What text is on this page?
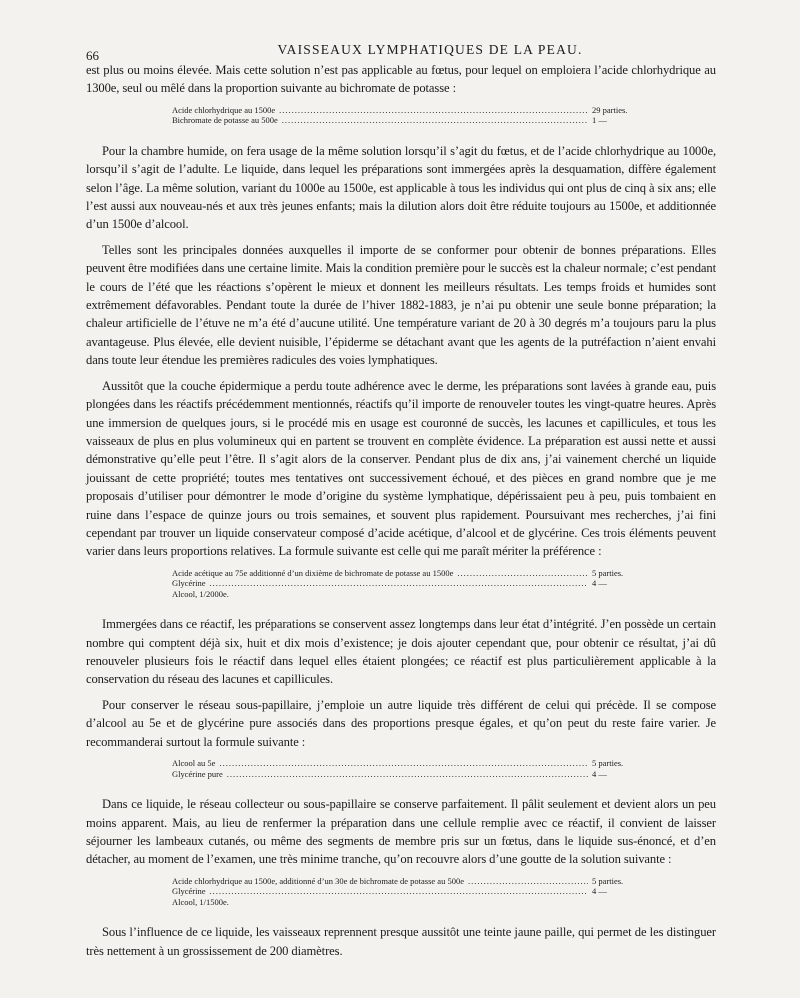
66	VAISSEAUX LYMPHATIQUES DE LA PEAU.

est plus ou moins élevée. Mais cette solution n’est pas applicable au fœtus, pour lequel on emploiera l’acide chlorhydrique au 1300e, seul ou mêlé dans la proportion suivante au bichromate de potasse :

Acide chlorhydrique au 1500e .....	29 parties.
Bichromate de potasse au 500e .....	1 —

Pour la chambre humide, on fera usage de la même solution lorsqu’il s’agit du fœtus, et de l’acide chlorhydrique au 1000e, lorsqu’il s’agit de l’adulte. Le liquide, dans lequel les préparations sont immergées après la desquamation, diffère également selon l’âge. La même solution, variant du 1000e au 1500e, est applicable à tous les individus qui ont plus de cinq à six ans; elle l’est aussi aux nouveau-nés et aux très jeunes enfants; mais la dilution alors doit être réduite toujours au 1500e, et additionnée d’un 1500e d’alcool.

Telles sont les principales données auxquelles il importe de se conformer pour obtenir de bonnes préparations. Elles peuvent être modifiées dans une certaine limite. Mais la condition première pour le succès est la chaleur normale; c’est pendant le cours de l’été que les réactions s’opèrent le mieux et donnent les meilleurs résultats. Les temps froids et humides sont extrêmement défavorables. Pendant toute la durée de l’hiver 1882-1883, je n’ai pu obtenir une seule bonne préparation; la chaleur artificielle de l’étuve ne m’a été d’aucune utilité. Une température variant de 20 à 30 degrés m’a toujours paru la plus avantageuse. Plus élevée, elle devient nuisible, l’épiderme se détachant avant que les agents de la putréfaction n’aient envahi dans toute leur étendue les premières radicules des voies lymphatiques.

Aussitôt que la couche épidermique a perdu toute adhérence avec le derme, les préparations sont lavées à grande eau, puis plongées dans les réactifs précédemment mentionnés, réactifs qu’il importe de renouveler toutes les vingt-quatre heures. Après une immersion de quelques jours, si le procédé mis en usage est couronné de succès, les lacunes et capillicules, et tous les vaisseaux de plus en plus volumineux qui en partent se trouvent en complète évidence. La préparation est aussi nette et aussi démonstrative qu’elle peut l’être. Il s’agit alors de la conserver. Pendant plus de dix ans, j’ai vainement cherché un liquide jouissant de cette propriété; toutes mes tentatives ont successivement échoué, et des pièces en grand nombre que je me proposais d’utiliser pour démontrer le mode d’origine du système lymphatique, dépérissaient peu à peu, puis tombaient en ruine dans l’espace de quinze jours ou trois semaines, et souvent plus rapidement. Poursuivant mes recherches, j’ai fini cependant par trouver un liquide conservateur composé d’acide acétique, d’alcool et de glycérine. Ces trois éléments peuvent varier dans leurs proportions relatives. La formule suivante est celle qui me paraît mériter la préférence :

Acide acétique au 75e additionné d’un dixième de bichromate de potasse au 1500e .....	5 parties.
Glycérine .....	4 —
Alcool, 1/2000e.

Immergées dans ce réactif, les préparations se conservent assez longtemps dans leur état d’intégrité. J’en possède un certain nombre qui comptent déjà six, huit et dix mois d’existence; je dois ajouter cependant que, pour obtenir ce résultat, j’ai dû renouveler plusieurs fois le réactif dans lequel elles étaient plongées; ce réactif est plus particulièrement applicable à la conservation du réseau des lacunes et capillicules.

Pour conserver le réseau sous-papillaire, j’emploie un autre liquide très différent de celui qui précède. Il se compose d’alcool au 5e et de glycérine pure associés dans des proportions presque égales, et qu’on peut du reste faire varier. Je recommanderai surtout la formule suivante :

Alcool au 5e .....	5 parties.
Glycérine pure .....	4 —

Dans ce liquide, le réseau collecteur ou sous-papillaire se conserve parfaitement. Il pâlit seulement et devient alors un peu moins apparent. Mais, au lieu de renfermer la préparation dans une cellule remplie avec ce réactif, il convient de laisser séjourner les lambeaux cutanés, ou même des segments de membre pris sur un fœtus, dans le liquide sus-énoncé, et d’en détacher, au moment de l’examen, une très minime tranche, qu’on recouvre alors d’une goutte de la solution suivante :

Acide chlorhydrique au 1500e, additionné d’un 30e de bichromate de potasse au 500e .....	5 parties.
Glycérine .....	4 —
Alcool, 1/1500e.

Sous l’influence de ce liquide, les vaisseaux reprennent presque aussitôt une teinte jaune paille, qui permet de les distinguer très nettement à un grossissement de 200 diamètres.
